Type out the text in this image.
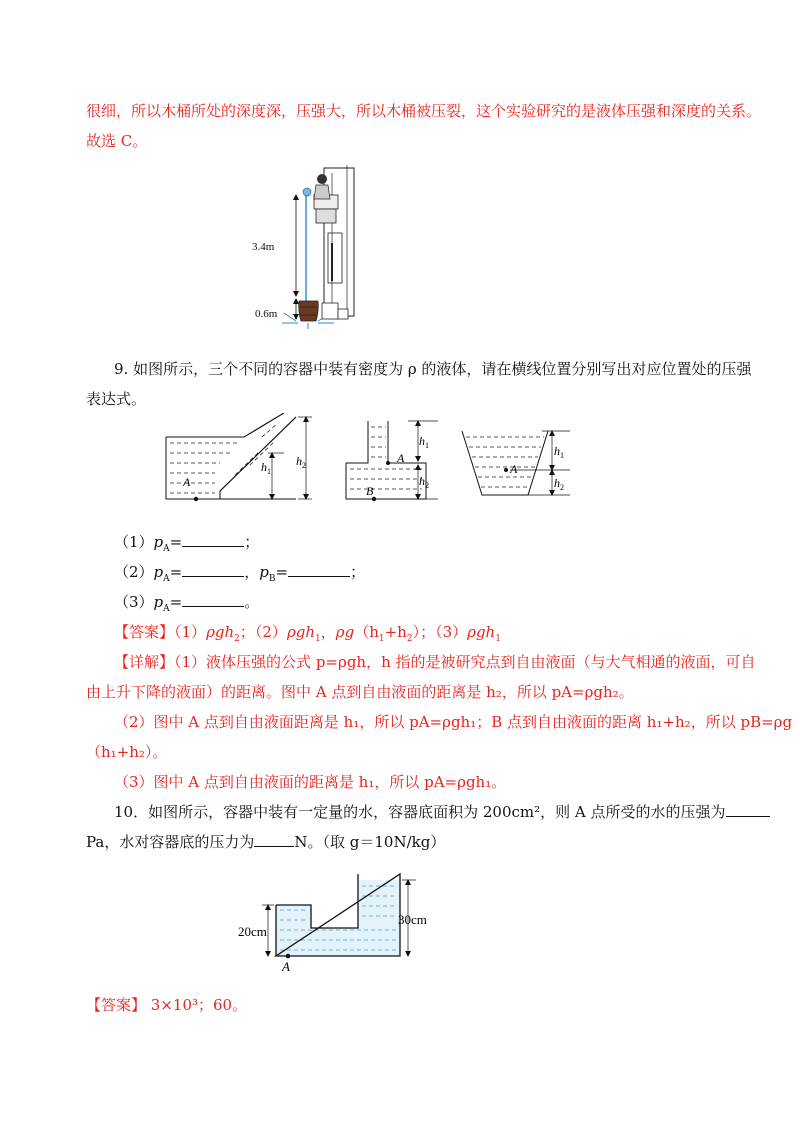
很细，所以木桶所处的深度深，压强大，所以木桶被压裂，这个实验研究的是液体压强和深度的关系。
故选 C。
3.4m
0.6m
9. 如图所示，三个不同的容器中装有密度为 ρ 的液体，请在横线位置分别写出对应位置处的压强
表达式。
A
$h_1$
$h_2$
A
B
$h_1$
$h_2$
A
$h_1$
$h_2$
$(1)p_A=$	；
$(2)p_A=$	，$p_B=$	；
$(3)p_A=$	。
【答案】（1）ρgh$_2$；（2）ρgh$_1$，$\rho g(h_1+h_2)$；（3）ρgh$_1$
【详解】（1）液体压强的公式 p=ρgh，h 指的是被研究点到自由液面（与大气相通的液面，可自
由上升下降的液面）的距离。图中 A 点到自由液面的距离是 h₂，所以 pA=ρgh₂。
（2）图中 A 点到自由液面距离是 h₁，所以 pA=ρgh₁；B 点到自由液面的距离 h₁+h₂，所以 pB=ρg
（h₁+h₂）。
（3）图中 A 点到自由液面的距离是 h₁，所以 pA=ρgh₁。
10．如图所示，容器中装有一定量的水，容器底面积为 200cm²，则 A 点所受的水的压强为
Pa，水对容器底的压力为	N。（取 g＝10N/kg）
A
20cm
30cm
【答案】 3×10³；60。
